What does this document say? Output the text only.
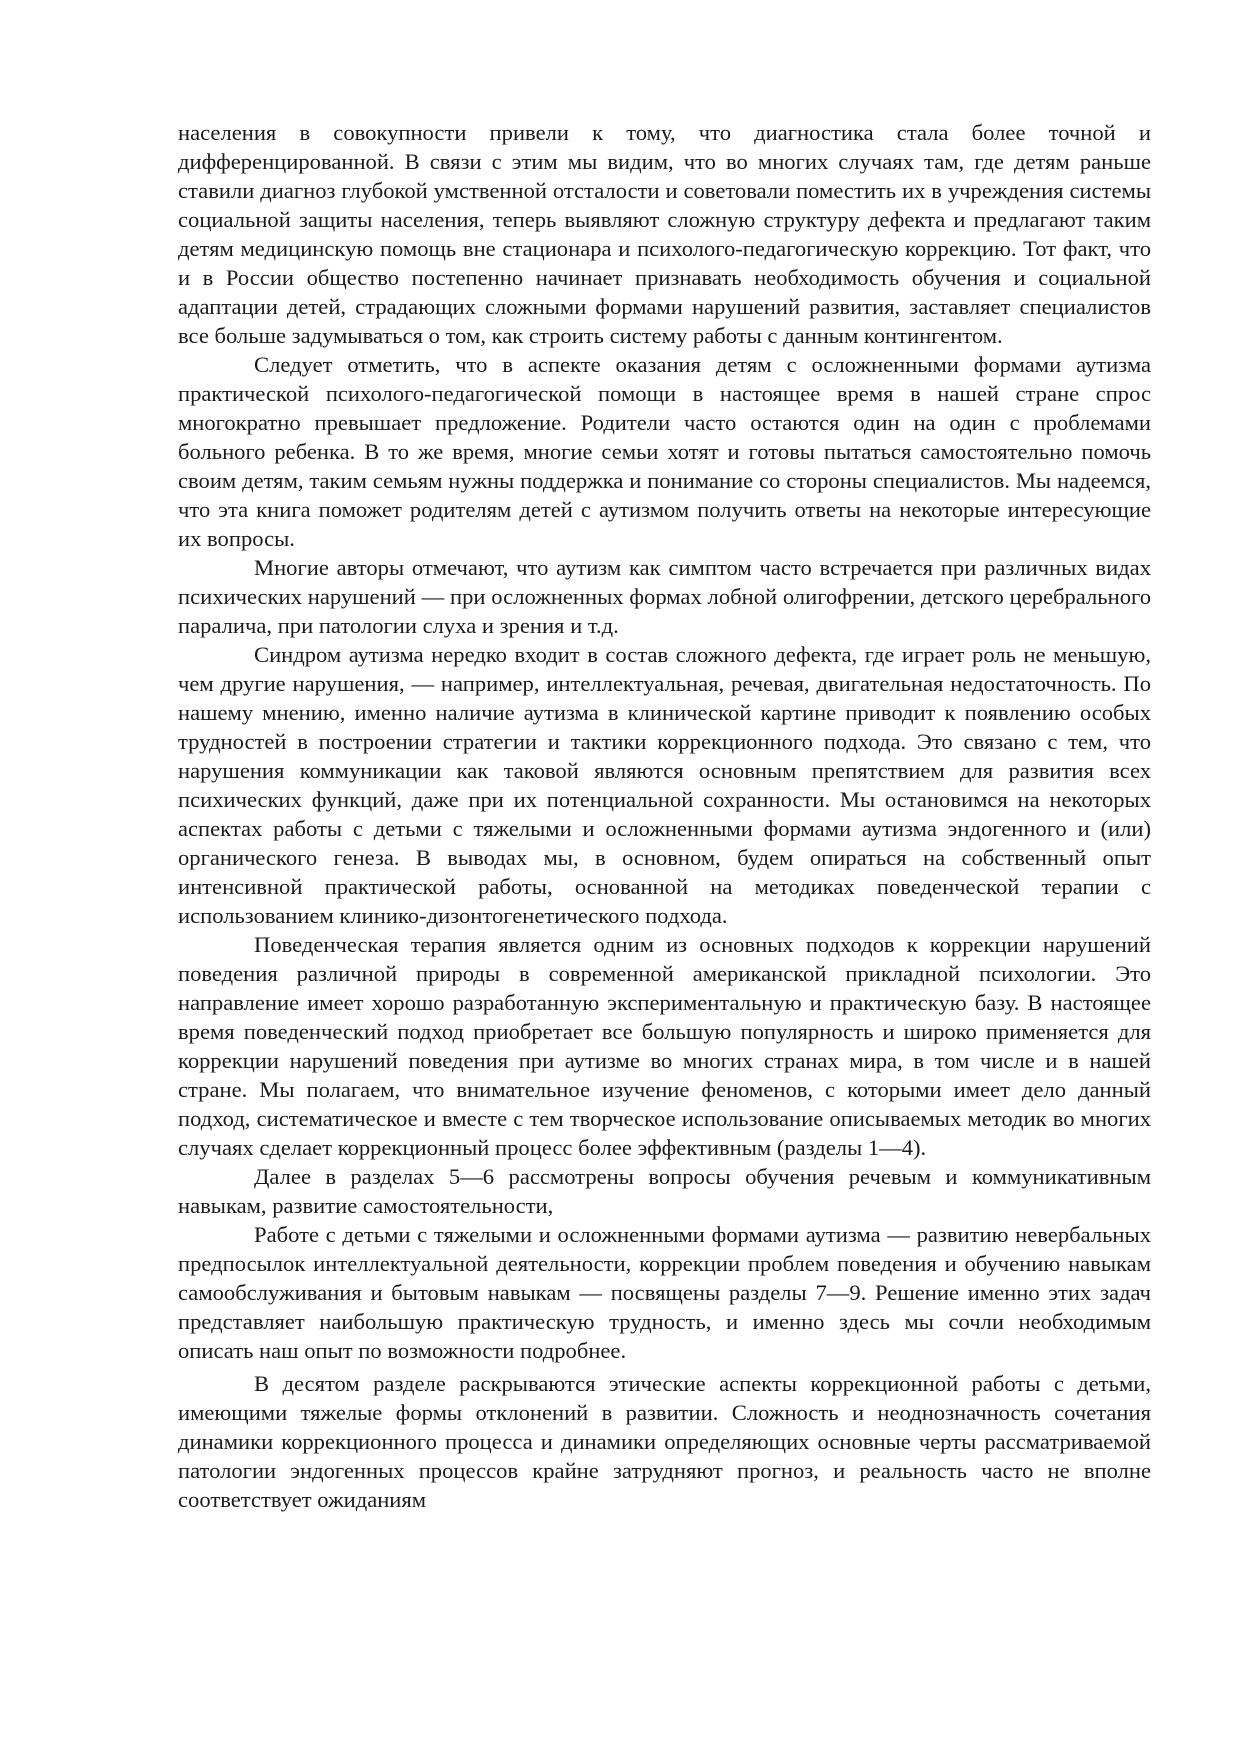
населения в совокупности привели к тому, что диагностика стала более точной и дифференцированной. В связи с этим мы видим, что во многих случаях там, где детям раньше ставили диагноз глубокой умственной отсталости и советовали поместить их в учреждения системы социальной защиты населения, теперь выявляют сложную структуру дефекта и предлагают таким детям медицинскую помощь вне стационара и психолого-педагогическую коррекцию. Тот факт, что и в России общество постепенно начинает признавать необходимость обучения и социальной адаптации детей, страдающих сложными формами нарушений развития, заставляет специалистов все больше задумываться о том, как строить систему работы с данным контингентом.

Следует отметить, что в аспекте оказания детям с осложненными формами аутизма практической психолого-педагогической помощи в настоящее время в нашей стране спрос многократно превышает предложение. Родители часто остаются один на один с проблемами больного ребенка. В то же время, многие семьи хотят и готовы пытаться самостоятельно помочь своим детям, таким семьям нужны поддержка и понимание со стороны специалистов. Мы надеемся, что эта книга поможет родителям детей с аутизмом получить ответы на некоторые интересующие их вопросы.

Многие авторы отмечают, что аутизм как симптом часто встречается при различных видах психических нарушений — при осложненных формах лобной олигофрении, детского церебрального паралича, при патологии слуха и зрения и т.д.

Синдром аутизма нередко входит в состав сложного дефекта, где играет роль не меньшую, чем другие нарушения, — например, интеллектуальная, речевая, двигательная недостаточность. По нашему мнению, именно наличие аутизма в клинической картине приводит к появлению особых трудностей в построении стратегии и тактики коррекционного подхода. Это связано с тем, что нарушения коммуникации как таковой являются основным препятствием для развития всех психических функций, даже при их потенциальной сохранности. Мы остановимся на некоторых аспектах работы с детьми с тяжелыми и осложненными формами аутизма эндогенного и (или) органического генеза. В выводах мы, в основном, будем опираться на собственный опыт интенсивной практической работы, основанной на методиках поведенческой терапии с использованием клинико-дизонтогенетического подхода.

Поведенческая терапия является одним из основных подходов к коррекции нарушений поведения различной природы в современной американской прикладной психологии. Это направление имеет хорошо разработанную экспериментальную и практическую базу. В настоящее время поведенческий подход приобретает все большую популярность и широко применяется для коррекции нарушений поведения при аутизме во многих странах мира, в том числе и в нашей стране. Мы полагаем, что внимательное изучение феноменов, с которыми имеет дело данный подход, систематическое и вместе с тем творческое использование описываемых методик во многих случаях сделает коррекционный процесс более эффективным (разделы 1—4).

Далее в разделах 5—6 рассмотрены вопросы обучения речевым и коммуникативным навыкам, развитие самостоятельности,

Работе с детьми с тяжелыми и осложненными формами аутизма — развитию невербальных предпосылок интеллектуальной деятельности, коррекции проблем поведения и обучению навыкам самообслуживания и бытовым навыкам — посвящены разделы 7—9. Решение именно этих задач представляет наибольшую практическую трудность, и именно здесь мы сочли необходимым описать наш опыт по возможности подробнее.

В десятом разделе раскрываются этические аспекты коррекционной работы с детьми, имеющими тяжелые формы отклонений в развитии. Сложность и неоднозначность сочетания динамики коррекционного процесса и динамики определяющих основные черты рассматриваемой патологии эндогенных процессов крайне затрудняют прогноз, и реальность часто не вполне соответствует ожиданиям
